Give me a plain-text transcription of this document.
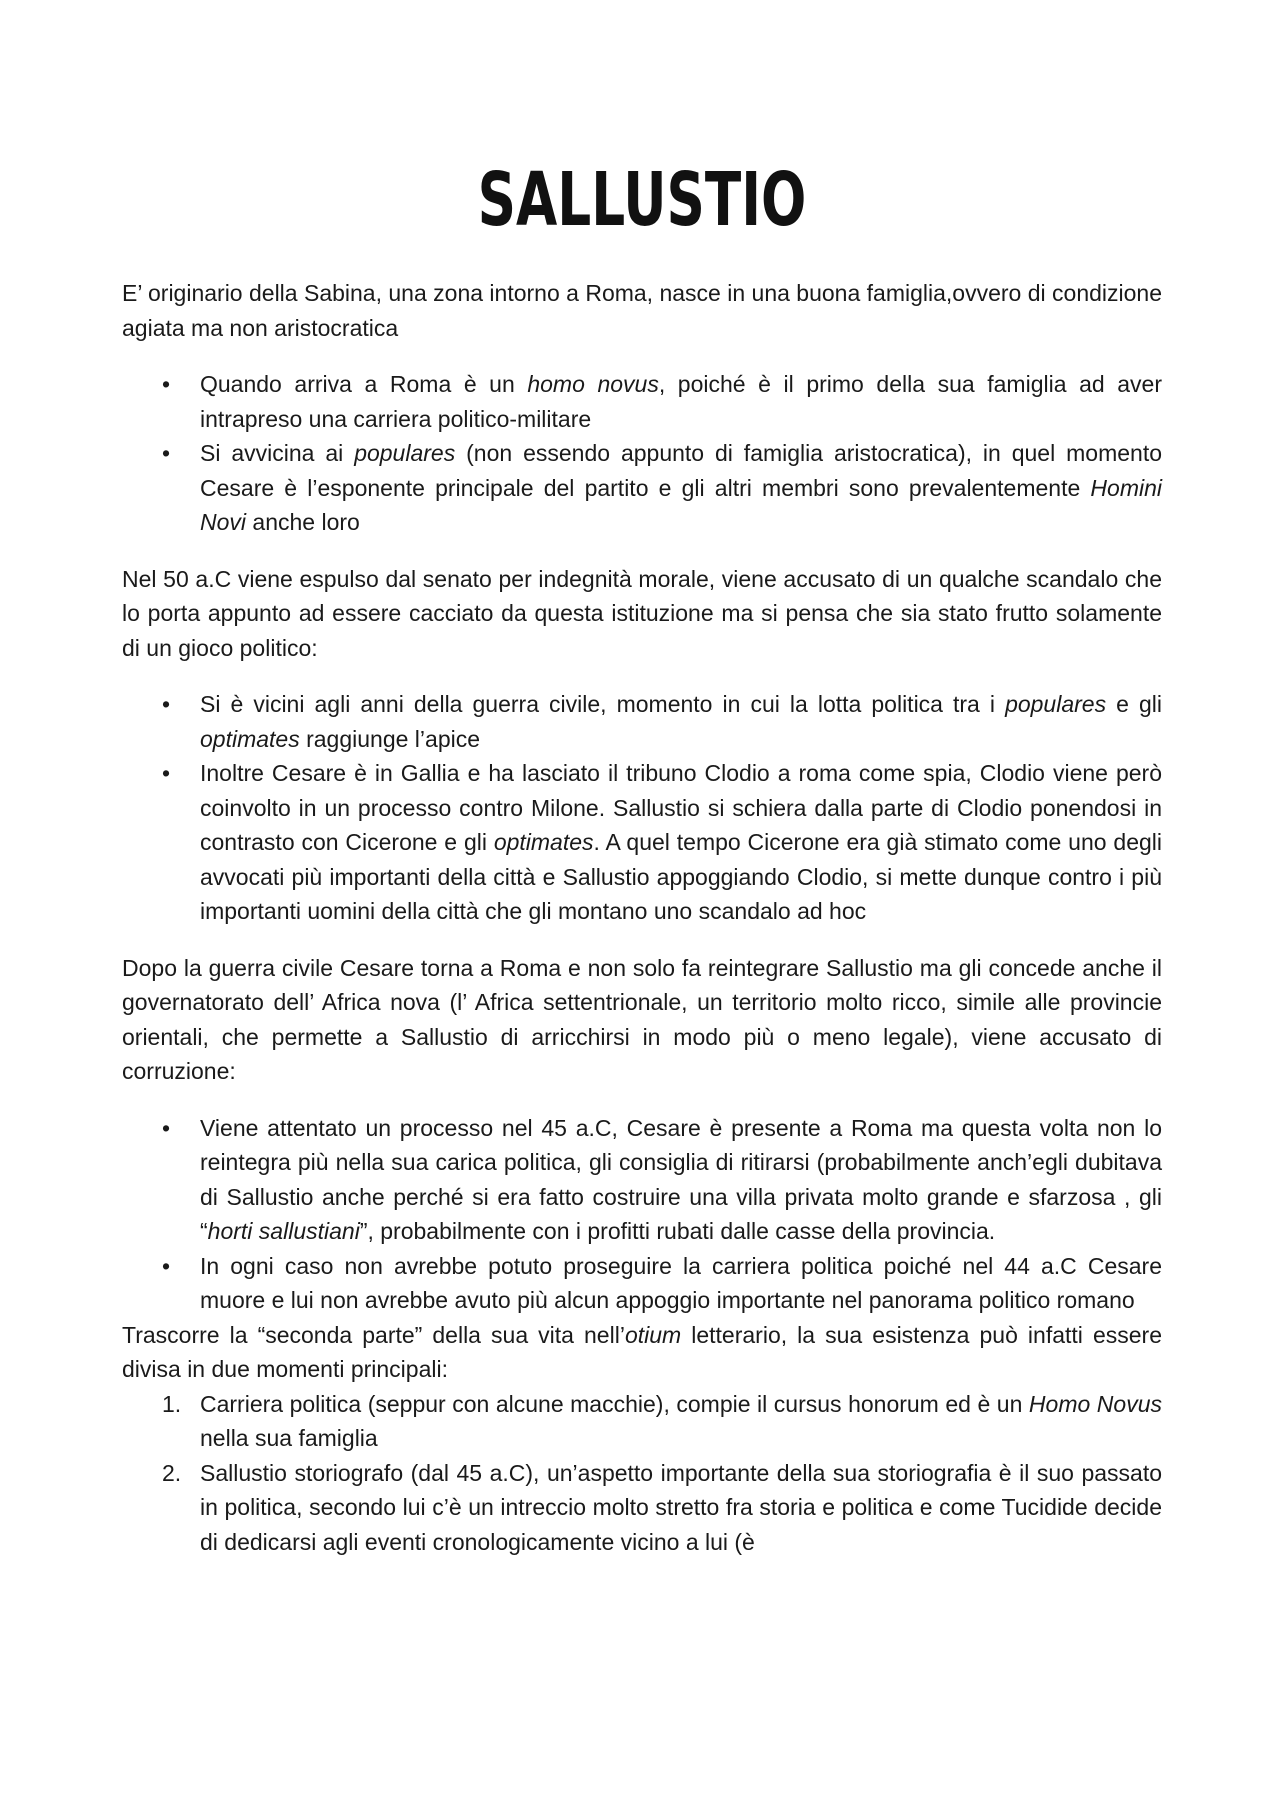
SALLUSTIO

E’ originario della Sabina, una zona intorno a Roma, nasce in una buona famiglia,ovvero di condizione agiata ma non aristocratica

• Quando arriva a Roma è un homo novus, poiché è il primo della sua famiglia ad aver intrapreso una carriera politico-militare
• Si avvicina ai populares (non essendo appunto di famiglia aristocratica), in quel momento Cesare è l’esponente principale del partito e gli altri membri sono prevalentemente Homini Novi anche loro

Nel 50 a.C viene espulso dal senato per indegnità morale, viene accusato di un qualche scandalo che lo porta appunto ad essere cacciato da questa istituzione ma si pensa che sia stato frutto solamente di un gioco politico:

• Si è vicini agli anni della guerra civile, momento in cui la lotta politica tra i populares e gli optimates raggiunge l’apice
• Inoltre Cesare è in Gallia e ha lasciato il tribuno Clodio a roma come spia, Clodio viene però coinvolto in un processo contro Milone. Sallustio si schiera dalla parte di Clodio ponendosi in contrasto con Cicerone e gli optimates. A quel tempo Cicerone era già stimato come uno degli avvocati più importanti della città e Sallustio appoggiando Clodio, si mette dunque contro i più importanti uomini della città che gli montano uno scandalo ad hoc

Dopo la guerra civile Cesare torna a Roma e non solo fa reintegrare Sallustio ma gli concede anche il governatorato dell’ Africa nova (l’ Africa settentrionale, un territorio molto ricco, simile alle provincie orientali, che permette a Sallustio di arricchirsi in modo più o meno legale), viene accusato di corruzione:

• Viene attentato un processo nel 45 a.C, Cesare è presente a Roma ma questa volta non lo reintegra più nella sua carica politica, gli consiglia di ritirarsi (probabilmente anch’egli dubitava di Sallustio anche perché si era fatto costruire una villa privata molto grande e sfarzosa , gli “horti sallustiani”, probabilmente con i profitti rubati dalle casse della provincia.
• In ogni caso non avrebbe potuto proseguire la carriera politica poiché nel 44 a.C Cesare muore e lui non avrebbe avuto più alcun appoggio importante nel panorama politico romano

Trascorre la “seconda parte” della sua vita nell’otium letterario, la sua esistenza può infatti essere divisa in due momenti principali:

1. Carriera politica (seppur con alcune macchie), compie il cursus honorum ed è un Homo Novus nella sua famiglia
2. Sallustio storiografo (dal 45 a.C), un’aspetto importante della sua storiografia è il suo passato in politica, secondo lui c’è un intreccio molto stretto fra storia e politica e come Tucidide decide di dedicarsi agli eventi cronologicamente vicino a lui (è
